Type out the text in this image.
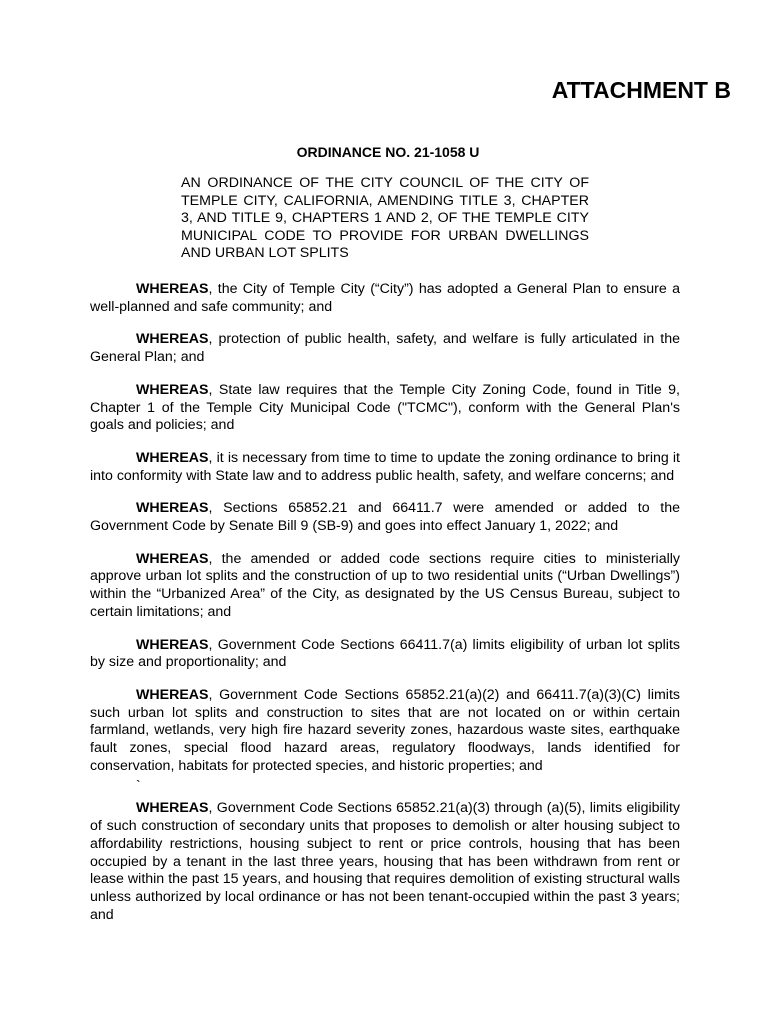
ATTACHMENT B
ORDINANCE NO. 21-1058 U
AN ORDINANCE OF THE CITY COUNCIL OF THE CITY OF TEMPLE CITY, CALIFORNIA, AMENDING TITLE 3, CHAPTER 3, AND TITLE 9, CHAPTERS 1 AND 2, OF THE TEMPLE CITY MUNICIPAL CODE TO PROVIDE FOR URBAN DWELLINGS AND URBAN LOT SPLITS

WHEREAS, the City of Temple City (“City”) has adopted a General Plan to ensure a well-planned and safe community; and

WHEREAS, protection of public health, safety, and welfare is fully articulated in the General Plan; and

WHEREAS, State law requires that the Temple City Zoning Code, found in Title 9, Chapter 1 of the Temple City Municipal Code ("TCMC"), conform with the General Plan's goals and policies; and

WHEREAS, it is necessary from time to time to update the zoning ordinance to bring it into conformity with State law and to address public health, safety, and welfare concerns; and

WHEREAS, Sections 65852.21 and 66411.7 were amended or added to the Government Code by Senate Bill 9 (SB-9) and goes into effect January 1, 2022; and

WHEREAS, the amended or added code sections require cities to ministerially approve urban lot splits and the construction of up to two residential units (“Urban Dwellings”) within the “Urbanized Area” of the City, as designated by the US Census Bureau, subject to certain limitations; and

WHEREAS, Government Code Sections 66411.7(a) limits eligibility of urban lot splits by size and proportionality; and

WHEREAS, Government Code Sections 65852.21(a)(2) and 66411.7(a)(3)(C) limits such urban lot splits and construction to sites that are not located on or within certain farmland, wetlands, very high fire hazard severity zones, hazardous waste sites, earthquake fault zones, special flood hazard areas, regulatory floodways, lands identified for conservation, habitats for protected species, and historic properties; and

`

WHEREAS, Government Code Sections 65852.21(a)(3) through (a)(5), limits eligibility of such construction of secondary units that proposes to demolish or alter housing subject to affordability restrictions, housing subject to rent or price controls, housing that has been occupied by a tenant in the last three years, housing that has been withdrawn from rent or lease within the past 15 years, and housing that requires demolition of existing structural walls unless authorized by local ordinance or has not been tenant-occupied within the past 3 years; and
